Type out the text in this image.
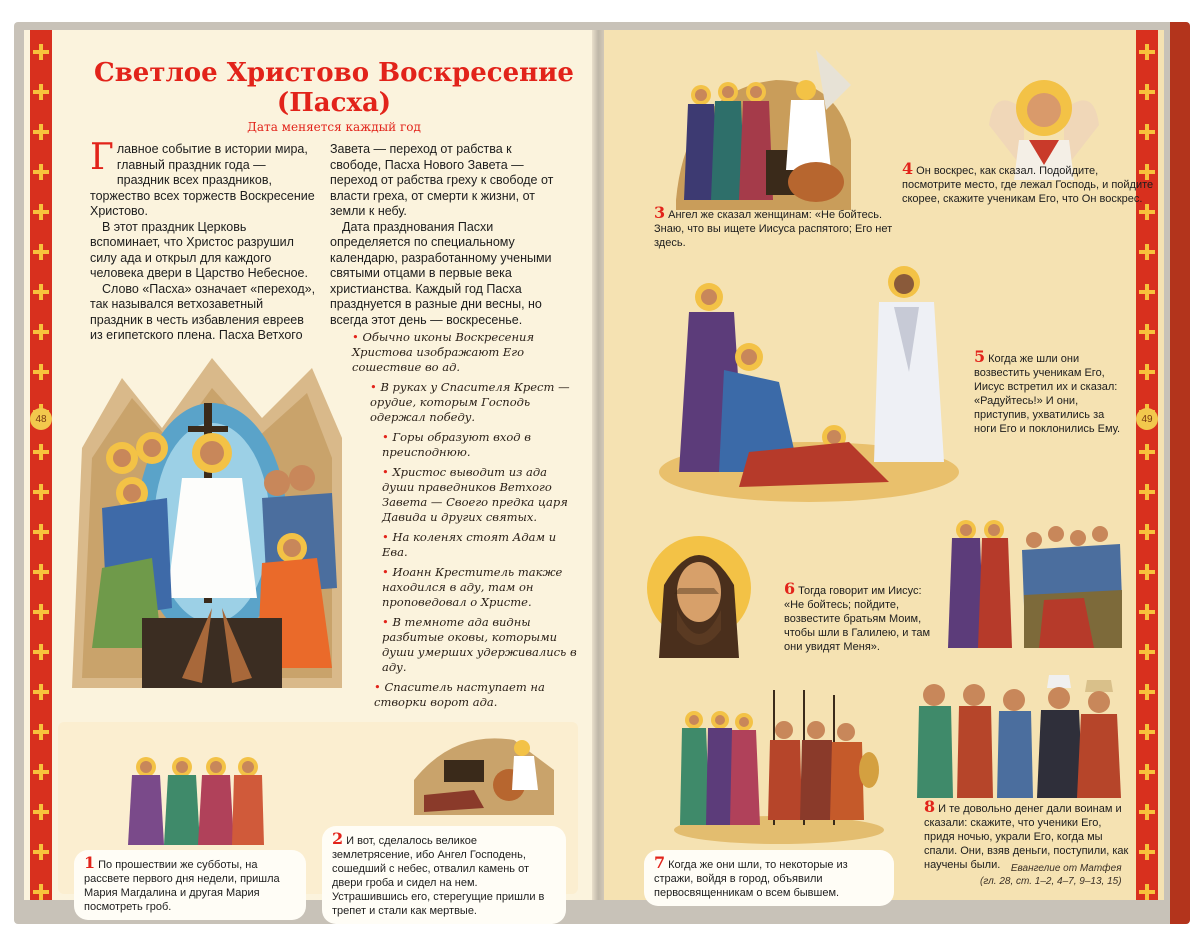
48
Светлое Христово Воскресение
(Пасха)
Дата меняется каждый год
Г лавное событие в истории мира, главный праздник года — праздник всех праздников, торжество всех торжеств Воскресение Христово.

В этот праздник Церковь вспоминает, что Христос разрушил силу ада и открыл для каждого человека двери в Царство Небесное.

Слово «Пасха» означает «переход», так назывался ветхозаветный праздник в честь избавления евреев из египетского плена. Пасха Ветхого

Завета — переход от рабства к свободе, Пасха Нового Завета — переход от рабства греху к свободе от власти греха, от смерти к жизни, от земли к небу.

Дата празднования Пасхи определяется по специальному календарю, разработанному учеными святыми отцами в первые века христианства. Каждый год Пасха празднуется в разные дни весны, но всегда этот день — воскресенье.

• Обычно иконы Воскресения Христова изображают Его сошествие во ад.
• В руках у Спасителя Крест — орудие, которым Господь одержал победу.
• Горы образуют вход в преисподнюю.
• Христос выводит из ада души праведников Ветхого Завета — Своего предка царя Давида и других святых.
• На коленях стоят Адам и Ева.
• Иоанн Креститель также находился в аду, там он проповедовал о Христе.
• В темноте ада видны разбитые оковы, которыми души умерших удерживались в аду.
• Спаситель наступает на створки ворот ада.
1 По прошествии же субботы, на рассвете первого дня недели, пришла Мария Магдалина и другая Мария посмотреть гроб.
2 И вот, сделалось великое землетрясение, ибо Ангел Господень, сошедший с небес, отвалил камень от двери гроба и сидел на нем. Устрашившись его, стерегущие пришли в трепет и стали как мертвые.
49
3 Ангел же сказал женщинам: «Не бойтесь. Знаю, что вы ищете Иисуса распятого; Его нет здесь.
4 Он воскрес, как сказал. Подойдите, посмотрите место, где лежал Господь, и пойдите скорее, скажите ученикам Его, что Он воскрес.
5 Когда же шли они возвестить ученикам Его, Иисус встретил их и сказал: «Радуйтесь!» И они, приступив, ухватились за ноги Его и поклонились Ему.
6 Тогда говорит им Иисус: «Не бойтесь; пойдите, возвестите братьям Моим, чтобы шли в Галилею, и там они увидят Меня».
7 Когда же они шли, то некоторые из стражи, войдя в город, объявили первосвященникам о всем бывшем.
8 И те довольно денег дали воинам и сказали: скажите, что ученики Его, придя ночью, украли Его, когда мы спали. Они, взяв деньги, поступили, как научены были.	Евангелие от Матфея
(гл. 28, ст. 1–2, 4–7, 9–13, 15)
